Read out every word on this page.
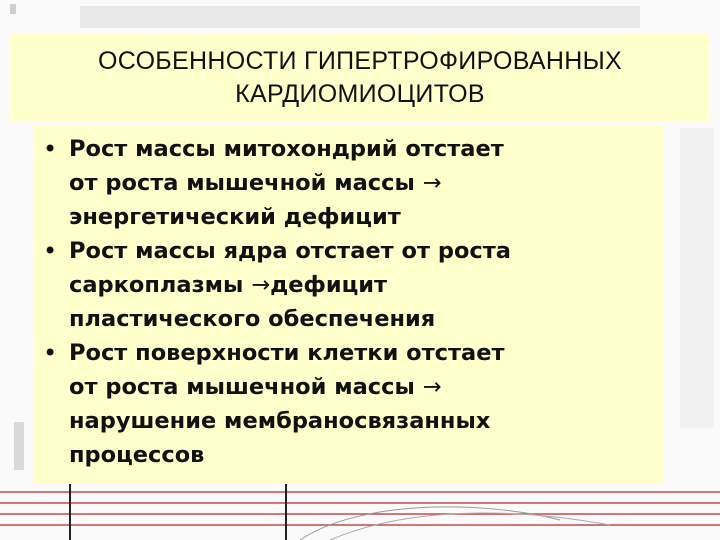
ОСОБЕННОСТИ ГИПЕРТРОФИРОВАННЫХ
КАРДИОМИОЦИТОВ
• Рост массы митохондрий отстает
от роста мышечной массы →
энергетический дефицит
• Рост массы ядра отстает от роста
саркоплазмы →дефицит
пластического обеспечения
• Рост поверхности клетки отстает
от роста мышечной массы →
нарушение мембраносвязанных
процессов
